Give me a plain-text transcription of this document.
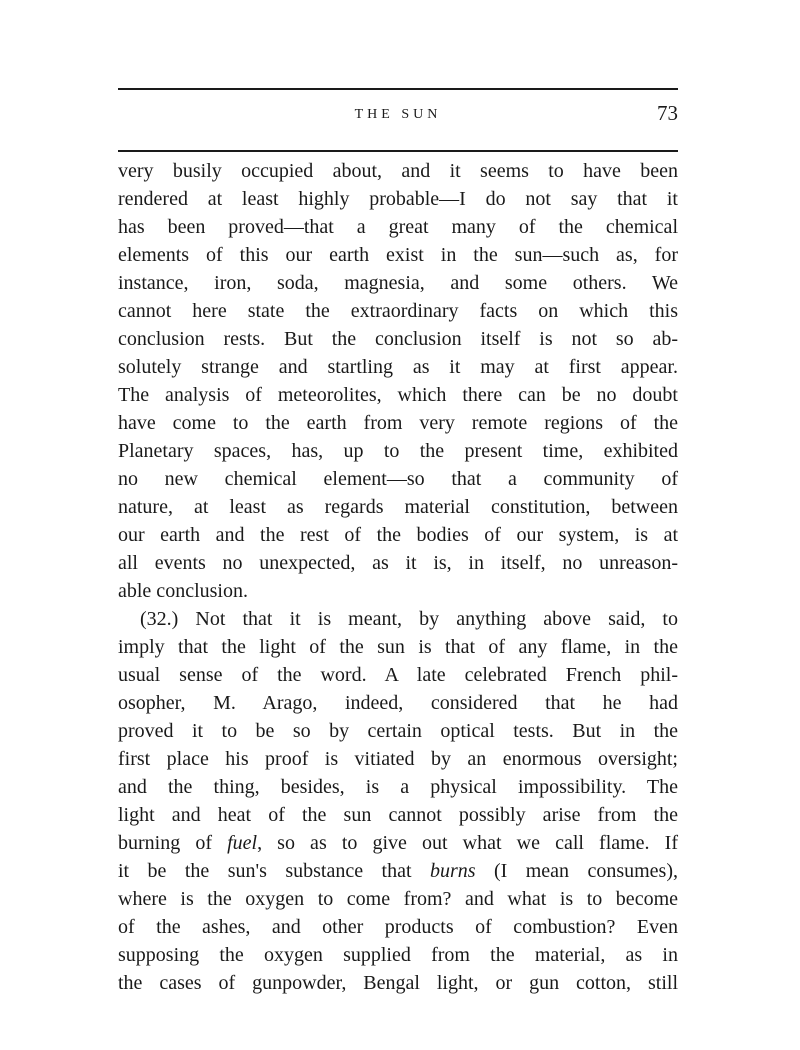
THE SUN	73
very busily occupied about, and it seems to have been
rendered at least highly probable—I do not say that it
has been proved—that a great many of the chemical
elements of this our earth exist in the sun—such as, for
instance, iron, soda, magnesia, and some others. We
cannot here state the extraordinary facts on which this
conclusion rests. But the conclusion itself is not so ab-
solutely strange and startling as it may at first appear.
The analysis of meteorolites, which there can be no doubt
have come to the earth from very remote regions of the
Planetary spaces, has, up to the present time, exhibited
no new chemical element—so that a community of
nature, at least as regards material constitution, between
our earth and the rest of the bodies of our system, is at
all events no unexpected, as it is, in itself, no unreason-
able conclusion.
(32.) Not that it is meant, by anything above said, to
imply that the light of the sun is that of any flame, in the
usual sense of the word. A late celebrated French phil-
osopher, M. Arago, indeed, considered that he had
proved it to be so by certain optical tests. But in the
first place his proof is vitiated by an enormous oversight;
and the thing, besides, is a physical impossibility. The
light and heat of the sun cannot possibly arise from the
burning of fuel, so as to give out what we call flame. If
it be the sun's substance that burns (I mean consumes),
where is the oxygen to come from? and what is to become
of the ashes, and other products of combustion? Even
supposing the oxygen supplied from the material, as in
the cases of gunpowder, Bengal light, or gun cotton, still
